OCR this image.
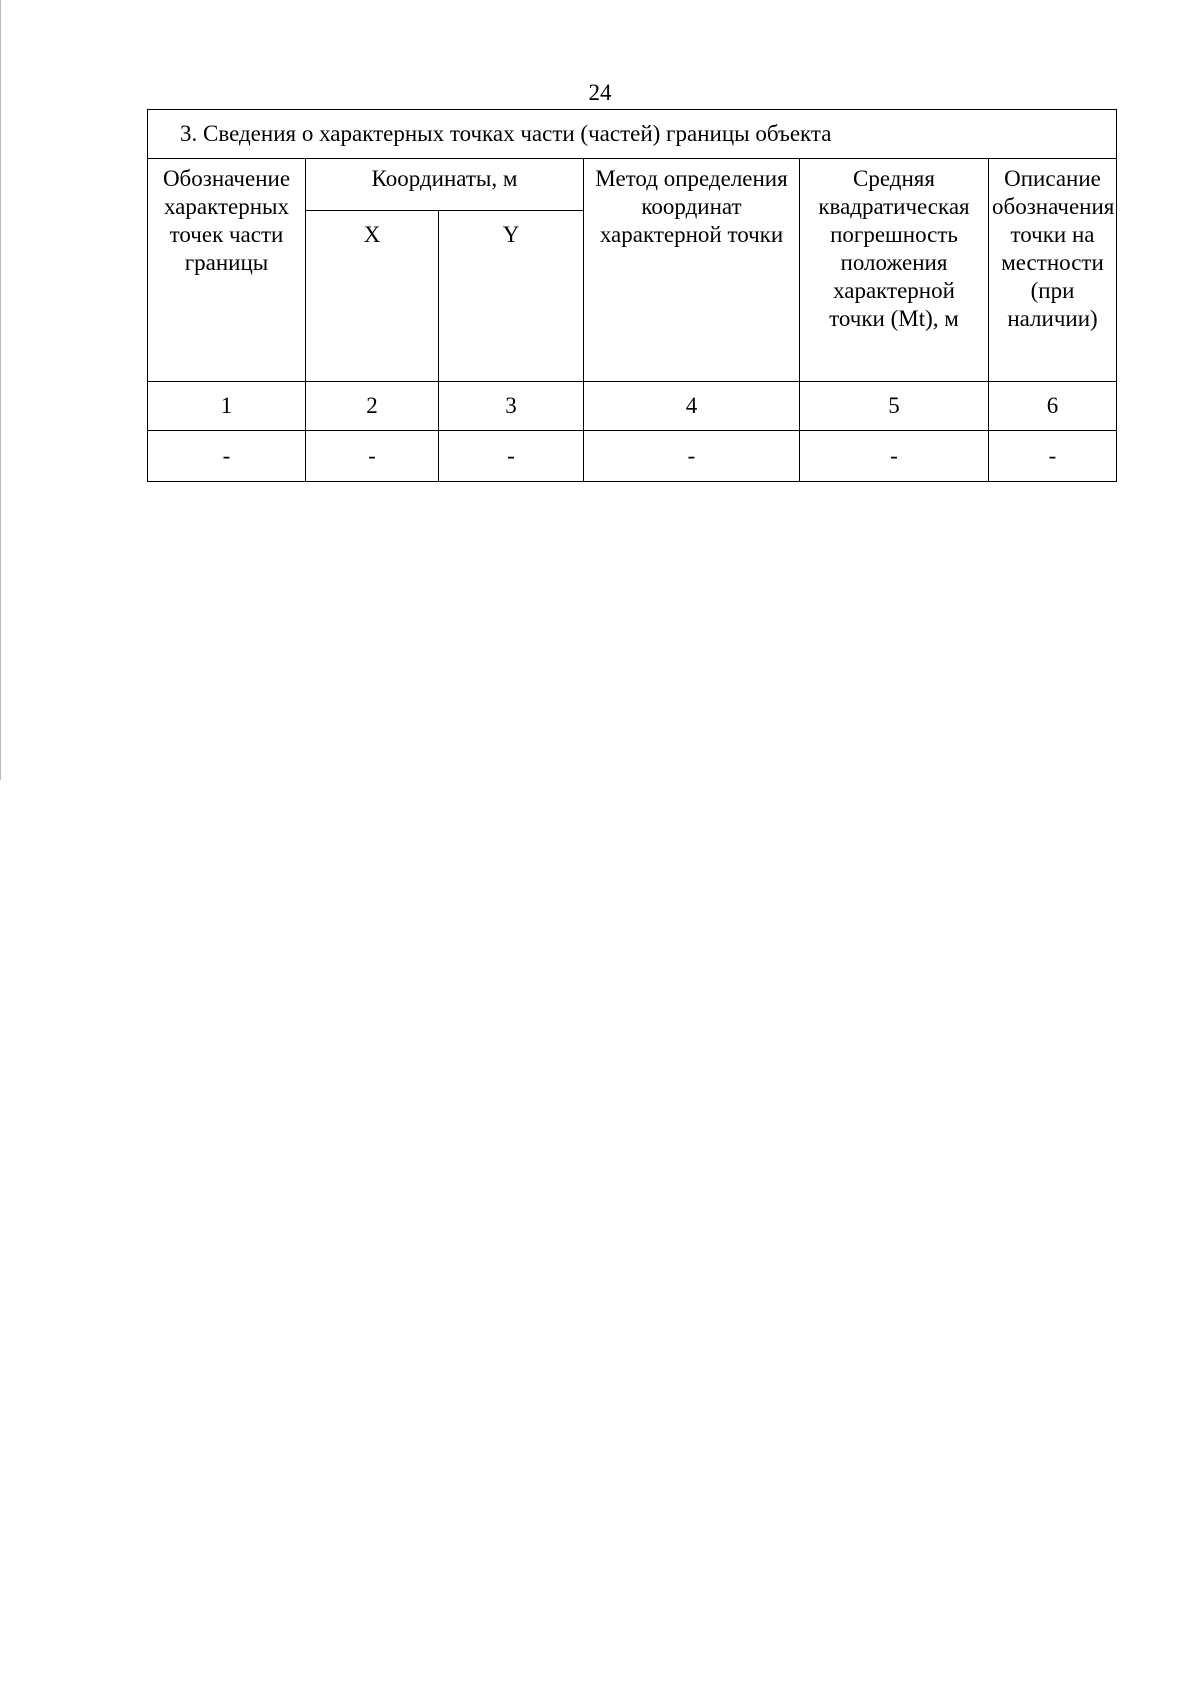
24
3. Сведения о характерных точках части (частей) границы объекта					
Обозначение характерных точек части границы	Координаты, м		Метод определения координат характерной точки	Средняя квадратическая погрешность положения характерной точки (Mt), м	Описание обозначения точки на местности (при наличии)
	X	Y			
1	2	3	4	5	6
-	-	-	-	-	-
